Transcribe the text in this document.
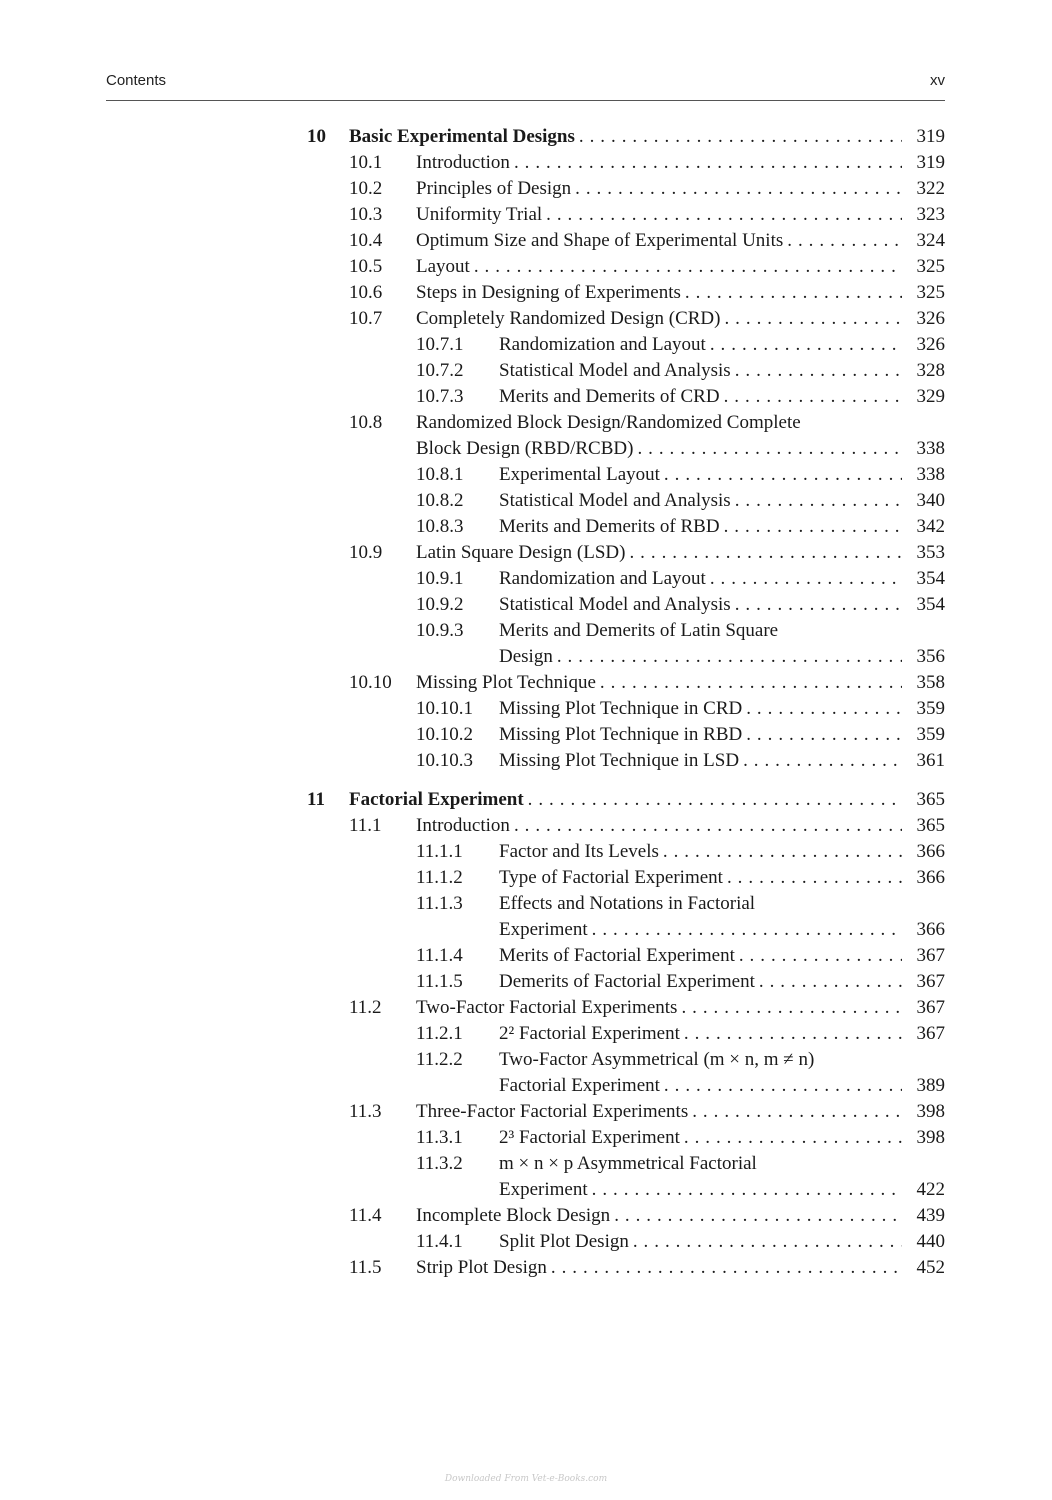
Contents	xv
10 Basic Experimental Designs . . .	319
10.1 Introduction . . .	319
10.2 Principles of Design . . .	322
10.3 Uniformity Trial . . .	323
10.4 Optimum Size and Shape of Experimental Units . . .	324
10.5 Layout . . .	325
10.6 Steps in Designing of Experiments . . .	325
10.7 Completely Randomized Design (CRD) . . .	326
10.7.1 Randomization and Layout . . .	326
10.7.2 Statistical Model and Analysis . . .	328
10.7.3 Merits and Demerits of CRD . . .	329
10.8 Randomized Block Design/Randomized Complete
Block Design (RBD/RCBD) . . .	338
10.8.1 Experimental Layout . . .	338
10.8.2 Statistical Model and Analysis . . .	340
10.8.3 Merits and Demerits of RBD . . .	342
10.9 Latin Square Design (LSD) . . .	353
10.9.1 Randomization and Layout . . .	354
10.9.2 Statistical Model and Analysis . . .	354
10.9.3 Merits and Demerits of Latin Square
Design . . .	356
10.10 Missing Plot Technique . . .	358
10.10.1 Missing Plot Technique in CRD . . .	359
10.10.2 Missing Plot Technique in RBD . . .	359
10.10.3 Missing Plot Technique in LSD . . .	361
11 Factorial Experiment . . .	365
11.1 Introduction . . .	365
11.1.1 Factor and Its Levels . . .	366
11.1.2 Type of Factorial Experiment . . .	366
11.1.3 Effects and Notations in Factorial
Experiment . . .	366
11.1.4 Merits of Factorial Experiment . . .	367
11.1.5 Demerits of Factorial Experiment . . .	367
11.2 Two-Factor Factorial Experiments . . .	367
11.2.1 2² Factorial Experiment . . .	367
11.2.2 Two-Factor Asymmetrical (m × n, m ≠ n)
Factorial Experiment . . .	389
11.3 Three-Factor Factorial Experiments . . .	398
11.3.1 2³ Factorial Experiment . . .	398
11.3.2 m × n × p Asymmetrical Factorial
Experiment . . .	422
11.4 Incomplete Block Design . . .	439
11.4.1 Split Plot Design . . .	440
11.5 Strip Plot Design . . .	452
Downloaded From Vet-e-Books.com
